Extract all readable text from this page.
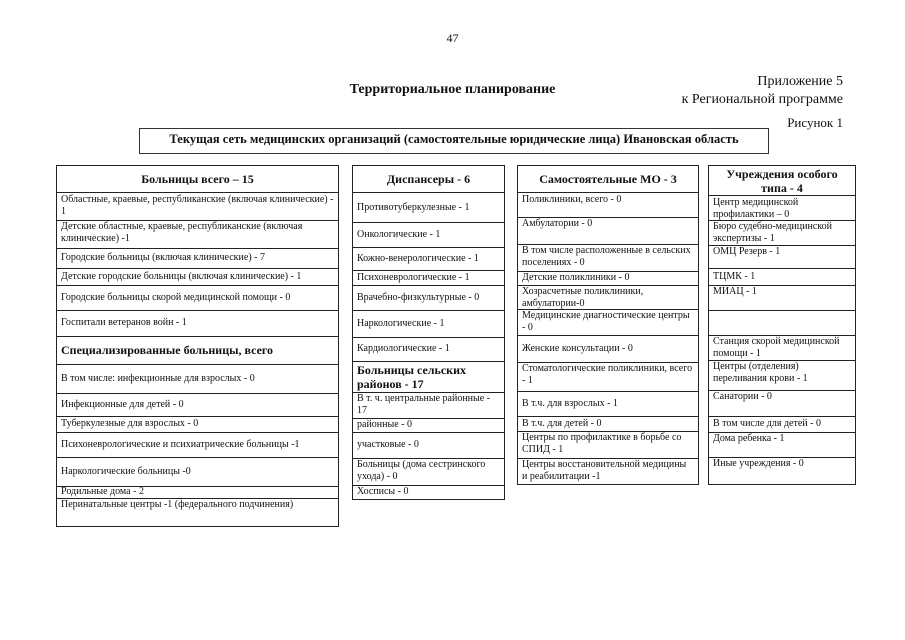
47
Приложение 5
к Региональной программе
Территориальное планирование
Рисунок 1
Текущая сеть медицинских организаций (самостоятельные юридические лица) Ивановская область
Больницы всего – 15
Областные, краевые, республиканские (включая клинические) - 1
Детские областные, краевые, республиканские (включая клинические) -1
Городские больницы (включая клинические) - 7
Детские городские больницы (включая клинические) - 1
Городские больницы скорой медицинской помощи - 0
Госпитали ветеранов войн - 1
Специализированные больницы, всего
В том числе: инфекционные для взрослых - 0
Инфекционные для детей - 0
Туберкулезные для взрослых - 0
Психоневрологические и психиатрические больницы -1
Наркологические больницы -0
Родильные дома - 2
Перинатальные центры -1 (федерального подчинения)
Диспансеры - 6
Противотуберкулезные - 1
Онкологические - 1
Кожно-венерологические - 1
Психоневрологические - 1
Врачебно-физкультурные - 0
Наркологические - 1
Кардиологические - 1
Больницы сельских районов - 17
В т. ч. центральные районные - 17
районные - 0
участковые - 0
Больницы (дома сестринского ухода) - 0
Хосписы - 0
Самостоятельные МО - 3
Поликлиники, всего - 0
Амбулатории - 0
В том числе расположенные в сельских поселениях - 0
Детские поликлиники - 0
Хозрасчетные поликлиники, амбулатории-0
Медицинские диагностические центры - 0
Женские консультации - 0
Стоматологические поликлиники, всего - 1
В т.ч. для взрослых - 1
В т.ч. для детей - 0
Центры по профилактике в борьбе со СПИД - 1
Центры восстановительной медицины и реабилитации -1
Учреждения особого типа - 4
Центр медицинской профилактики – 0
Бюро судебно-медицинской экспертизы - 1
ОМЦ Резерв - 1
ТЦМК - 1
МИАЦ - 1
Станция скорой медицинской помощи - 1
Центры (отделения) переливания крови - 1
Санатории - 0
В том числе для детей - 0
Дома ребенка - 1
Иные учреждения - 0
